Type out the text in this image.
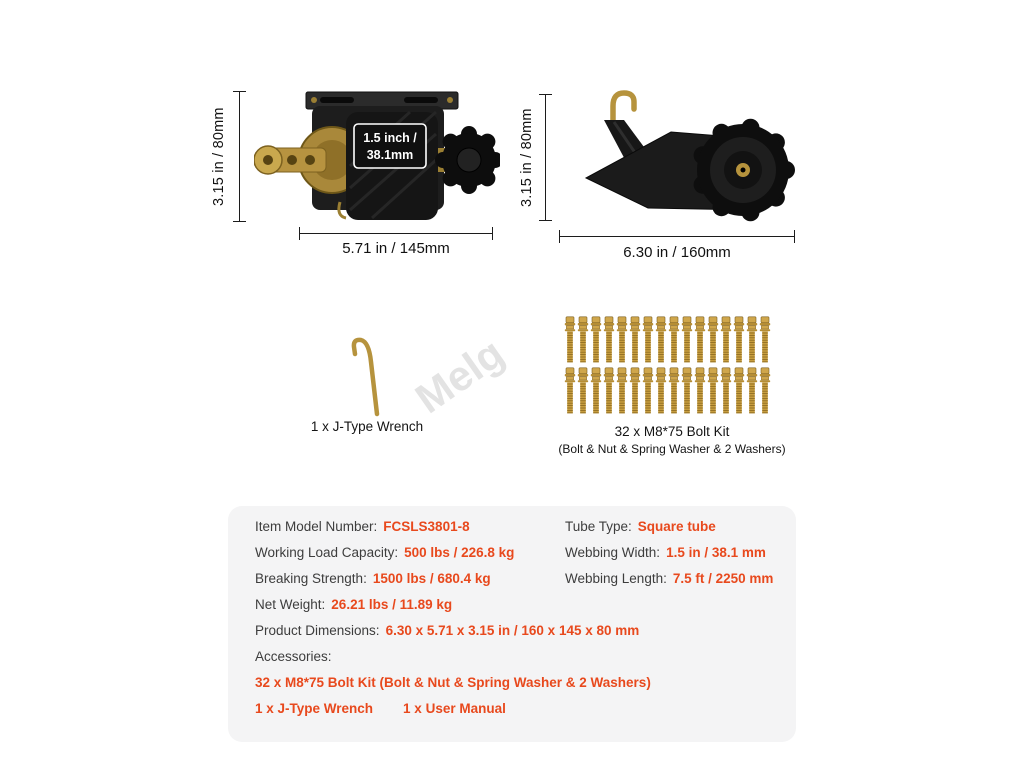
3.15 in / 80mm	1.5 inch /
38.1mm
5.71 in / 145mm
3.15 in / 80mm
6.30 in / 160mm
Melg
1 x J-Type Wrench	32 x M8*75 Bolt Kit
(Bolt & Nut & Spring Washer & 2 Washers)
Item Model Number: FCSLS3801-8	Tube Type: Square tube
Working Load Capacity: 500 lbs / 226.8 kg	Webbing Width: 1.5 in / 38.1 mm
Breaking Strength: 1500 lbs / 680.4 kg	Webbing Length: 7.5 ft / 2250 mm
Net Weight: 26.21 lbs / 11.89 kg
Product Dimensions: 6.30 x 5.71 x 3.15 in / 160 x 145 x 80 mm
Accessories:
32 x M8*75 Bolt Kit (Bolt & Nut & Spring Washer & 2 Washers)
1 x J-Type Wrench 1 x User Manual
